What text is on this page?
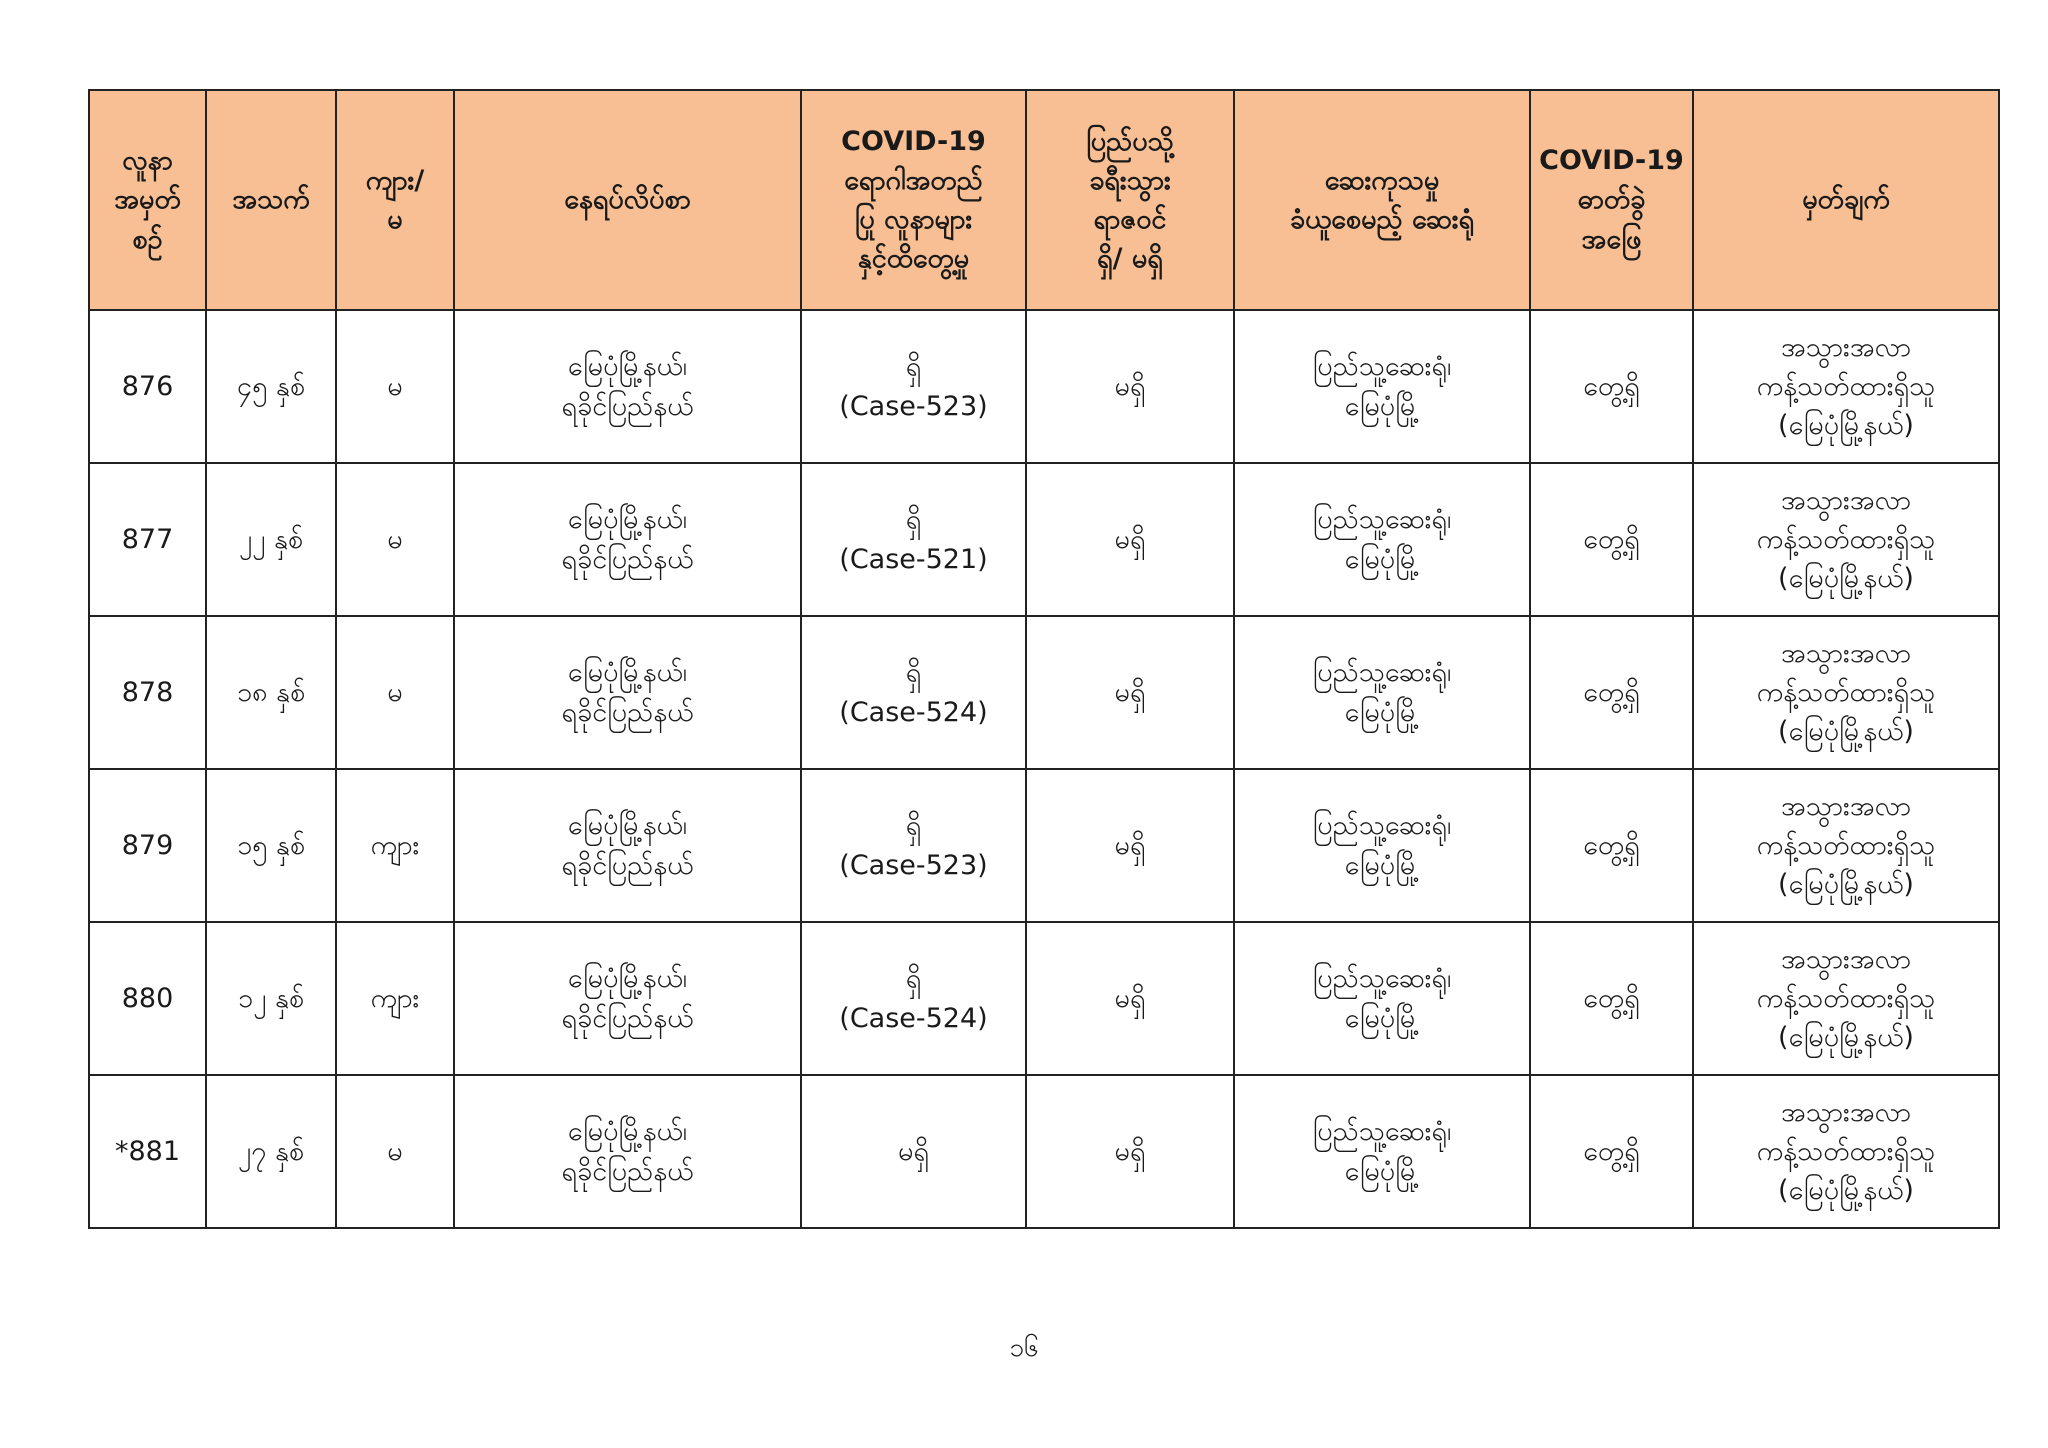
လူနာ
အမှတ်
စဉ်	အသက်	ကျား/
မ	နေရပ်လိပ်စာ	COVID-19
ရောဂါအတည်
ပြု လူနာများ
နှင့်ထိတွေ့မှု	ပြည်ပသို့
ခရီးသွား
ရာဇဝင်
ရှိ/ မရှိ	ဆေးကုသမှု
ခံယူစေမည့် ဆေးရုံ	COVID-19
ဓာတ်ခွဲ
အဖြေ	မှတ်ချက်

876	၄၅ နှစ်	မ	မြေပုံမြို့နယ်၊
ရခိုင်ပြည်နယ်	ရှိ
(Case-523)	မရှိ	ပြည်သူ့ဆေးရုံ၊
မြေပုံမြို့	တွေ့ရှိ	အသွားအလာ
ကန့်သတ်ထားရှိသူ
(မြေပုံမြို့နယ်)

877	၂၂ နှစ်	မ	မြေပုံမြို့နယ်၊
ရခိုင်ပြည်နယ်	ရှိ
(Case-521)	မရှိ	ပြည်သူ့ဆေးရုံ၊
မြေပုံမြို့	တွေ့ရှိ	အသွားအလာ
ကန့်သတ်ထားရှိသူ
(မြေပုံမြို့နယ်)

878	၁၈ နှစ်	မ	မြေပုံမြို့နယ်၊
ရခိုင်ပြည်နယ်	ရှိ
(Case-524)	မရှိ	ပြည်သူ့ဆေးရုံ၊
မြေပုံမြို့	တွေ့ရှိ	အသွားအလာ
ကန့်သတ်ထားရှိသူ
(မြေပုံမြို့နယ်)

879	၁၅ နှစ်	ကျား	မြေပုံမြို့နယ်၊
ရခိုင်ပြည်နယ်	ရှိ
(Case-523)	မရှိ	ပြည်သူ့ဆေးရုံ၊
မြေပုံမြို့	တွေ့ရှိ	အသွားအလာ
ကန့်သတ်ထားရှိသူ
(မြေပုံမြို့နယ်)

880	၁၂ နှစ်	ကျား	မြေပုံမြို့နယ်၊
ရခိုင်ပြည်နယ်	ရှိ
(Case-524)	မရှိ	ပြည်သူ့ဆေးရုံ၊
မြေပုံမြို့	တွေ့ရှိ	အသွားအလာ
ကန့်သတ်ထားရှိသူ
(မြေပုံမြို့နယ်)

*881	၂၇ နှစ်	မ	မြေပုံမြို့နယ်၊
ရခိုင်ပြည်နယ်	မရှိ	မရှိ	ပြည်သူ့ဆေးရုံ၊
မြေပုံမြို့	တွေ့ရှိ	အသွားအလာ
ကန့်သတ်ထားရှိသူ
(မြေပုံမြို့နယ်)
၁၆
